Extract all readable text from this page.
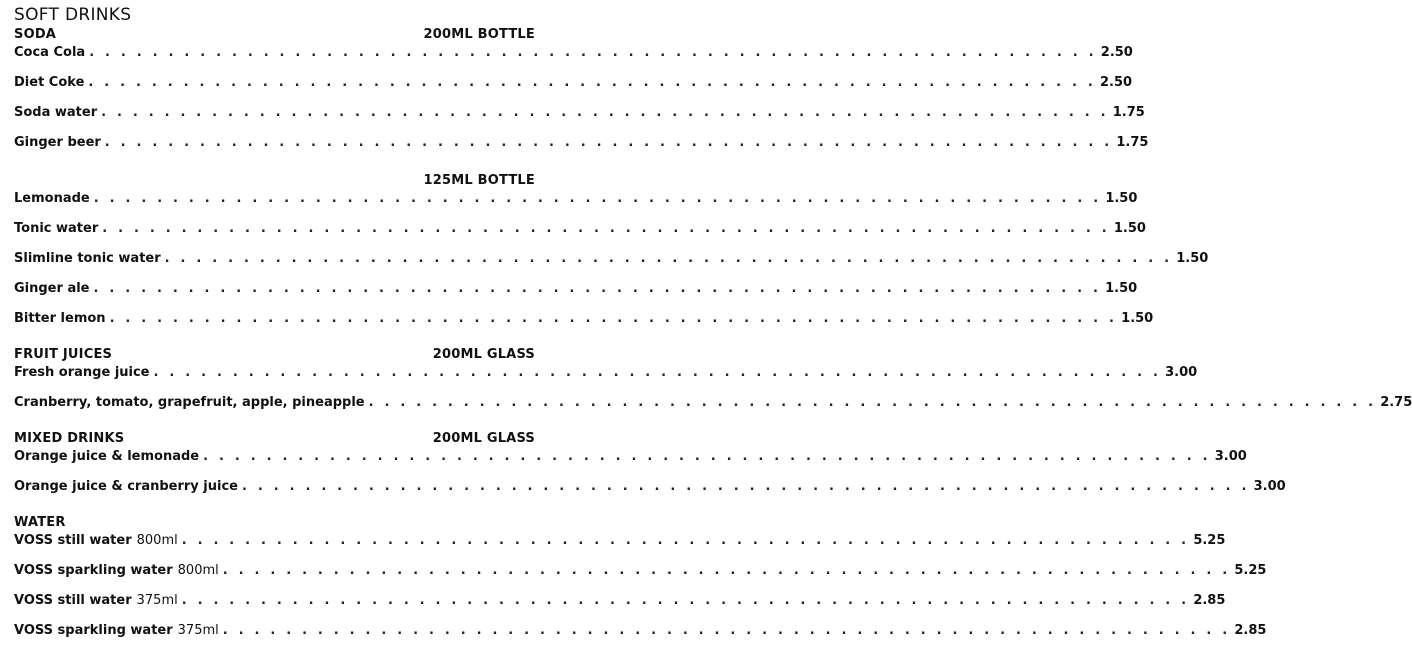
SOFT DRINKS
SODA	200ML BOTTLE
Coca Cola . . . . . . . . . . . . . . . . . . . . . . . . . . . . . . . . . . . . . . . . . . . . . . . . . . . . . . . . . . . . . . . . 2.50
Diet Coke . . . . . . . . . . . . . . . . . . . . . . . . . . . . . . . . . . . . . . . . . . . . . . . . . . . . . . . . . . . . . . . . 2.50
Soda water . . . . . . . . . . . . . . . . . . . . . . . . . . . . . . . . . . . . . . . . . . . . . . . . . . . . . . . . . . . . . . . . 1.75
Ginger beer . . . . . . . . . . . . . . . . . . . . . . . . . . . . . . . . . . . . . . . . . . . . . . . . . . . . . . . . . . . . . . . . 1.75
125ML BOTTLE
Lemonade . . . . . . . . . . . . . . . . . . . . . . . . . . . . . . . . . . . . . . . . . . . . . . . . . . . . . . . . . . . . . . . . 1.50
Tonic water . . . . . . . . . . . . . . . . . . . . . . . . . . . . . . . . . . . . . . . . . . . . . . . . . . . . . . . . . . . . . . . . 1.50
Slimline tonic water . . . . . . . . . . . . . . . . . . . . . . . . . . . . . . . . . . . . . . . . . . . . . . . . . . . . . . . . . . . . . . . . 1.50
Ginger ale . . . . . . . . . . . . . . . . . . . . . . . . . . . . . . . . . . . . . . . . . . . . . . . . . . . . . . . . . . . . . . . . 1.50
Bitter lemon . . . . . . . . . . . . . . . . . . . . . . . . . . . . . . . . . . . . . . . . . . . . . . . . . . . . . . . . . . . . . . . . 1.50
FRUIT JUICES	200ML GLASS
Fresh orange juice . . . . . . . . . . . . . . . . . . . . . . . . . . . . . . . . . . . . . . . . . . . . . . . . . . . . . . . . . . . . . . . . 3.00
Cranberry, tomato, grapefruit, apple, pineapple . . . . . . . . . . . . . . . . . . . . . . . . . . . . . . . . . . . . . . . . . . . . . . . . . . . . . . . . . . . . . . . . 2.75
MIXED DRINKS	200ML GLASS
Orange juice & lemonade . . . . . . . . . . . . . . . . . . . . . . . . . . . . . . . . . . . . . . . . . . . . . . . . . . . . . . . . . . . . . . . . 3.00
Orange juice & cranberry juice . . . . . . . . . . . . . . . . . . . . . . . . . . . . . . . . . . . . . . . . . . . . . . . . . . . . . . . . . . . . . . . . 3.00
WATER
VOSS still water 800ml . . . . . . . . . . . . . . . . . . . . . . . . . . . . . . . . . . . . . . . . . . . . . . . . . . . . . . . . . . . . . . . . 5.25
VOSS sparkling water 800ml . . . . . . . . . . . . . . . . . . . . . . . . . . . . . . . . . . . . . . . . . . . . . . . . . . . . . . . . . . . . . . . . 5.25
VOSS still water 375ml . . . . . . . . . . . . . . . . . . . . . . . . . . . . . . . . . . . . . . . . . . . . . . . . . . . . . . . . . . . . . . . . 2.85
VOSS sparkling water 375ml . . . . . . . . . . . . . . . . . . . . . . . . . . . . . . . . . . . . . . . . . . . . . . . . . . . . . . . . . . . . . . . . 2.85
